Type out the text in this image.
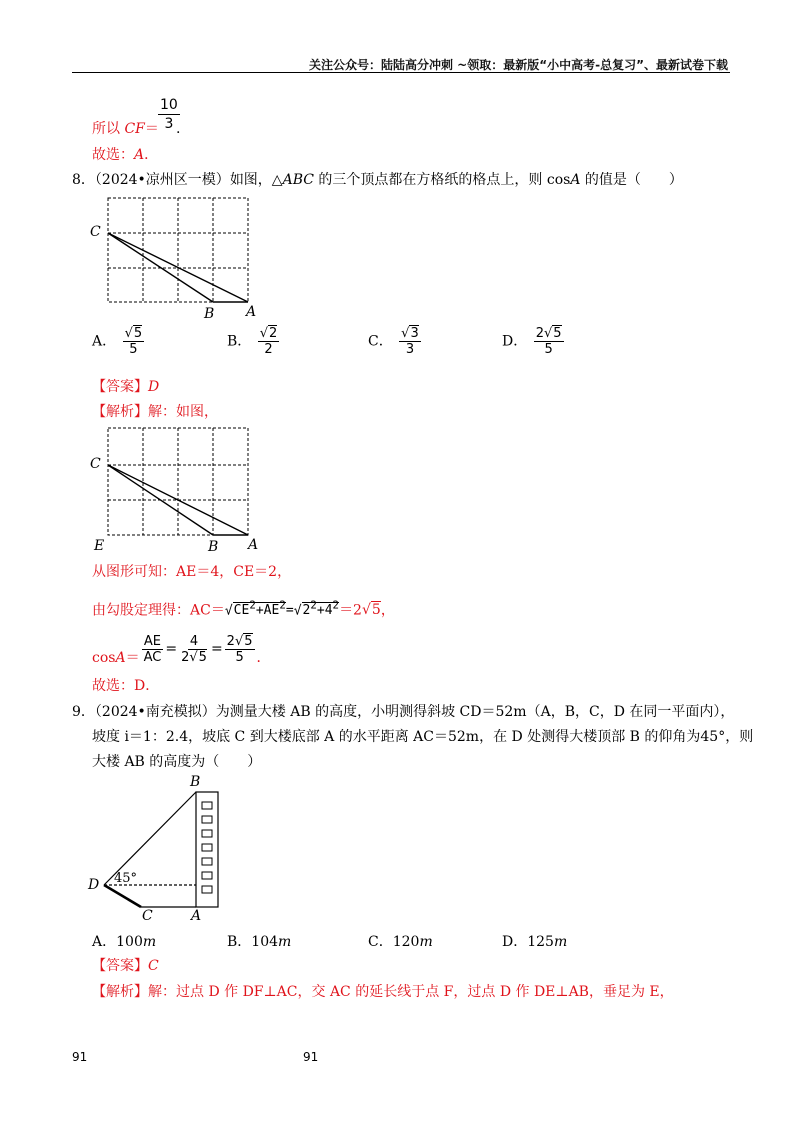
关注公众号：陆陆高分冲刺 ~领取：最新版“小中高考-总复习”、最新试卷下载
所以 $CF= \frac{10}{3}$
.
故选：A．
8．（2024•凉州区一模）如图，△ABC 的三个顶点都在方格纸的格点上，则 cosA 的值是（　　）
C
B A
A． $\frac{√5}{5}$	B． $\frac{√2}{2}$	C． $\frac{√3}{3}$	D． $\frac{2√5}{5}$
【答案】D
【解析】解：如图，
C
E	B A
从图形可知：AE＝4，CE＝2，
由勾股定理得：$AC=√CE^2+AE^2=√2^2+4^2=2√5$，
$\cos A= \frac{AE}{AC} = \frac{4}{2√5} = \frac{2√5}{5}$ ．
故选：D．
9．（2024•南充模拟）为测量大楼 AB 的高度，小明测得斜坡 CD＝52m（A，B，C，D 在同一平面内），
坡度 i＝1：2.4，坡底 C 到大楼底部 A 的水平距离 AC＝52m，在 D 处测得大楼顶部 B 的仰角为45°，则
大楼 AB 的高度为（　　）
B
D
C	A
45°
A．100m	B．104m	C．120m	D．125m
【答案】C
【解析】解：过点 D 作 DF⊥AC，交 AC 的延长线于点 F，过点 D 作 DE⊥AB，垂足为 E，
91	91
